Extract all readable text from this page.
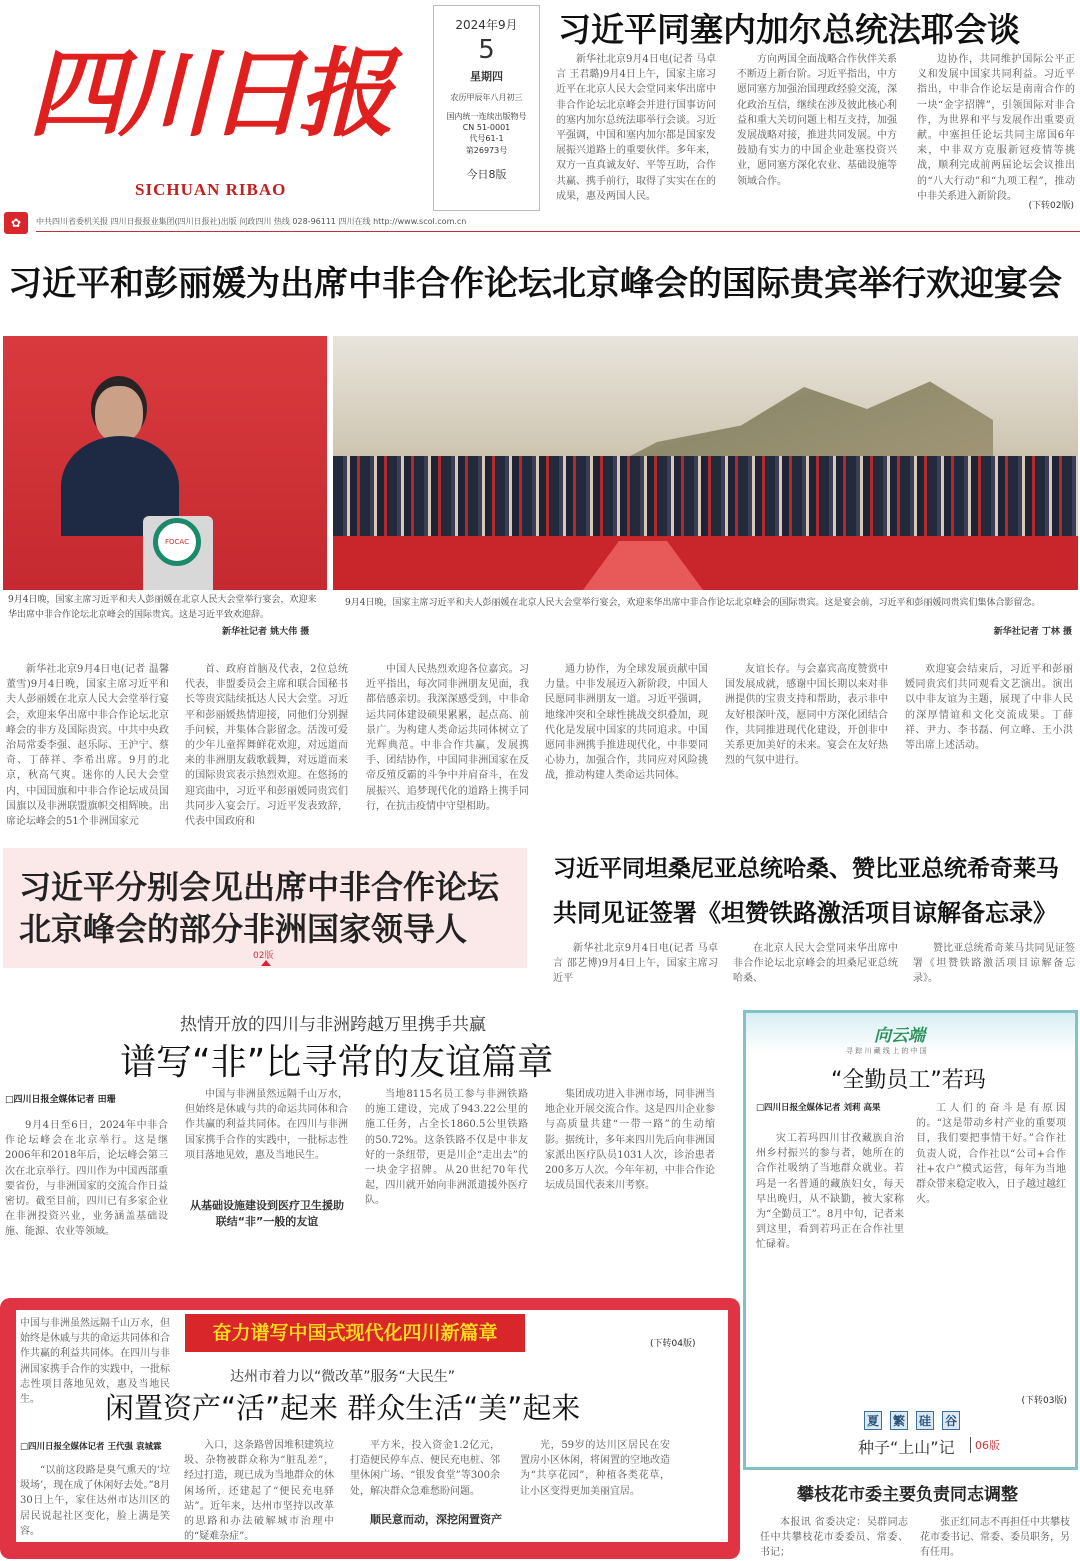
四川日报
SICHUAN RIBAO
2024年9月
5
星期四
农历甲辰年八月初三
国内统一连续出版物号
CN 51-0001
代号61-1
第26973号
今日8版
习近平同塞内加尔总统法耶会谈
新华社北京9月4日电(记者 马卓言 王君璐)9月4日上午，国家主席习近平在北京人民大会堂同来华出席中非合作论坛北京峰会并进行国事访问的塞内加尔总统法耶举行会谈。习近平强调，中国和塞内加尔都是国家发展振兴道路上的重要伙伴。多年来，双方一直真诚友好、平等互助，合作共赢、携手前行，取得了实实在在的成果，惠及两国人民。
方向两国全面战略合作伙伴关系不断迈上新台阶。习近平指出，中方愿同塞方加强治国理政经验交流，深化政治互信，继续在涉及彼此核心利益和重大关切问题上相互支持，加强发展战略对接，推进共同发展。中方鼓励有实力的中国企业赴塞投资兴业，愿同塞方深化农业、基础设施等领域合作。
边协作，共同维护国际公平正义和发展中国家共同利益。习近平指出，中非合作论坛是南南合作的一块“金字招牌”，引领国际对非合作，为世界和平与发展作出重要贡献。中塞担任论坛共同主席国6年来，中非双方克服新冠疫情等挑战，顺利完成前两届论坛会议推出的“八大行动”和“九项工程”，推动中非关系进入新阶段。
(下转02版)
✿	中共四川省委机关报 四川日报报业集团(四川日报社)出版 问政四川 热线 028-96111 四川在线 http://www.scol.com.cn
习近平和彭丽媛为出席中非合作论坛北京峰会的国际贵宾举行欢迎宴会
FOCAC
9月4日晚，国家主席习近平和夫人彭丽媛在北京人民大会堂举行宴会，欢迎来华出席中非合作论坛北京峰会的国际贵宾。这是习近平致欢迎辞。
新华社记者 姚大伟 摄
9月4日晚，国家主席习近平和夫人彭丽媛在北京人民大会堂举行宴会，欢迎来华出席中非合作论坛北京峰会的国际贵宾。这是宴会前，习近平和彭丽媛同贵宾们集体合影留念。
新华社记者 丁林 摄
新华社北京9月4日电(记者 温馨 董雪)9月4日晚，国家主席习近平和夫人彭丽媛在北京人民大会堂举行宴会，欢迎来华出席中非合作论坛北京峰会的非方及国际贵宾。中共中央政治局常委李强、赵乐际、王沪宁、蔡奇、丁薛祥、李希出席。9月的北京，秋高气爽。迷你的人民大会堂内，中国国旗和中非合作论坛成员国国旗以及非洲联盟旗帜交相辉映。出席论坛峰会的51个非洲国家元
首、政府首脑及代表，2位总统代表，非盟委员会主席和联合国秘书长等贵宾陆续抵达人民大会堂。习近平和彭丽媛热情迎接，同他们分别握手问候，并集体合影留念。活泼可爱的少年儿童挥舞鲜花欢迎，对远道而来的非洲朋友载歌载舞，对远道而来的国际贵宾表示热烈欢迎。在悠扬的迎宾曲中，习近平和彭丽媛同贵宾们共同步入宴会厅。习近平发表致辞，代表中国政府和
中国人民热烈欢迎各位嘉宾。习近平指出，每次同非洲朋友见面，我都倍感亲切。我深深感受到，中非命运共同体建设硕果累累，起点高、前景广。为构建人类命运共同体树立了光辉典范。中非合作共赢，发展携手、团结协作，中国同非洲国家在反帝反殖反霸的斗争中并肩奋斗，在发展振兴、追梦现代化的道路上携手同行，在抗击疫情中守望相助。
通力协作，为全球发展贡献中国力量。中非发展迈入新阶段，中国人民愿同非洲朋友一道。习近平强调，地缘冲突和全球性挑战交织叠加，现代化是发展中国家的共同追求。中国愿同非洲携手推进现代化，中非要同心协力，加强合作，共同应对风险挑战，推动构建人类命运共同体。
友谊长存。与会嘉宾高度赞赏中国发展成就，感谢中国长期以来对非洲提供的宝贵支持和帮助，表示非中友好根深叶茂，愿同中方深化团结合作，共同推进现代化建设，开创非中关系更加美好的未来。宴会在友好热烈的气氛中进行。
欢迎宴会结束后，习近平和彭丽媛同贵宾们共同观看文艺演出。演出以中非友谊为主题，展现了中非人民的深厚情谊和文化交流成果。丁薛祥、尹力、李书磊、何立峰、王小洪等出席上述活动。
习近平分别会见出席中非合作论坛
北京峰会的部分非洲国家领导人
02版
习近平同坦桑尼亚总统哈桑、赞比亚总统希奇莱马
共同见证签署《坦赞铁路激活项目谅解备忘录》
新华社北京9月4日电(记者 马卓言 邵艺博)9月4日上午，国家主席习近平
在北京人民大会堂同来华出席中非合作论坛北京峰会的坦桑尼亚总统哈桑、
赞比亚总统希奇莱马共同见证签署《坦赞铁路激活项目谅解备忘录》。
热情开放的四川与非洲跨越万里携手共赢
谱写“非”比寻常的友谊篇章
□四川日报全媒体记者 田珊
9月4日至6日，2024年中非合作论坛峰会在北京举行。这是继2006年和2018年后，论坛峰会第三次在北京举行。四川作为中国西部重要省份，与非洲国家的交流合作日益密切。截至目前，四川已有多家企业在非洲投资兴业，业务涵盖基础设施、能源、农业等领域。
中国与非洲虽然远隔千山万水，但始终是休戚与共的命运共同体和合作共赢的利益共同体。在四川与非洲国家携手合作的实践中，一批标志性项目落地见效，惠及当地民生。
从基础设施建设到医疗卫生援助
联结“非”一般的友谊
当地8115名员工参与非洲铁路的施工建设，完成了943.22公里的施工任务，占全长1860.5公里铁路的50.72%。这条铁路不仅是中非友好的一条纽带，更是川企“走出去”的一块金字招牌。从20世纪70年代起，四川就开始向非洲派遣援外医疗队。
集团成功进入非洲市场，同非洲当地企业开展交流合作。这是四川企业参与高质量共建“一带一路”的生动缩影。据统计，多年来四川先后向非洲国家派出医疗队员1031人次，诊治患者200多万人次。今年年初，中非合作论坛成员国代表来川考察。
向云端
寻 踪 川 藏 线 上 的 中 国
“全勤员工”若玛
□四川日报全媒体记者 刘莉 高果
灾工若玛四川甘孜藏族自治州乡村振兴的参与者，她所在的合作社吸纳了当地群众就业。若玛是一名普通的藏族妇女，每天早出晚归，从不缺勤，被大家称为“全勤员工”。8月中旬，记者来到这里，看到若玛正在合作社里忙碌着。
工人们的奋斗是有原因的。“这是带动乡村产业的重要项目，我们要把事情干好。”合作社负责人说，合作社以“公司+合作社+农户”模式运营，每年为当地群众带来稳定收入，日子越过越红火。
(下转03版)
夏 繁 硅 谷
种子“上山”记	06版
攀枝花市委主要负责同志调整
本报讯 省委决定：吴群同志任中共攀枝花市委委员、常委、书记；
张正红同志不再担任中共攀枝花市委书记、常委、委员职务，另有任用。
中国与非洲虽然远隔千山万水，但始终是休戚与共的命运共同体和合作共赢的利益共同体。在四川与非洲国家携手合作的实践中，一批标志性项目落地见效，惠及当地民生。
奋力谱写中国式现代化四川新篇章	(下转04版)
达州市着力以“微改革”服务“大民生”
闲置资产“活”起来 群众生活“美”起来
□四川日报全媒体记者 王代强 袁城霖
“以前这段路是臭气熏天的‘垃圾场’，现在成了休闲好去处。”8月30日上午，家住达州市达川区的居民说起社区变化，脸上满是笑容。
入口，这条路曾因堆积建筑垃圾、杂物被群众称为“脏乱差”，经过打造，现已成为当地群众的休闲场所，还建起了“便民充电驿站”。近年来，达州市坚持以改革的思路和办法破解城市治理中的“疑难杂症”。
平方米，投入资金1.2亿元，打造便民停车点、便民充电桩、邻里休闲广场、“银发食堂”等300余处，解决群众急难愁盼问题。
顺民意而动，深挖闲置资产
光，59岁的达川区居民在安置房小区休闲，将闲置的空地改造为“共享花园”，种植各类花草，让小区变得更加美丽宜居。
